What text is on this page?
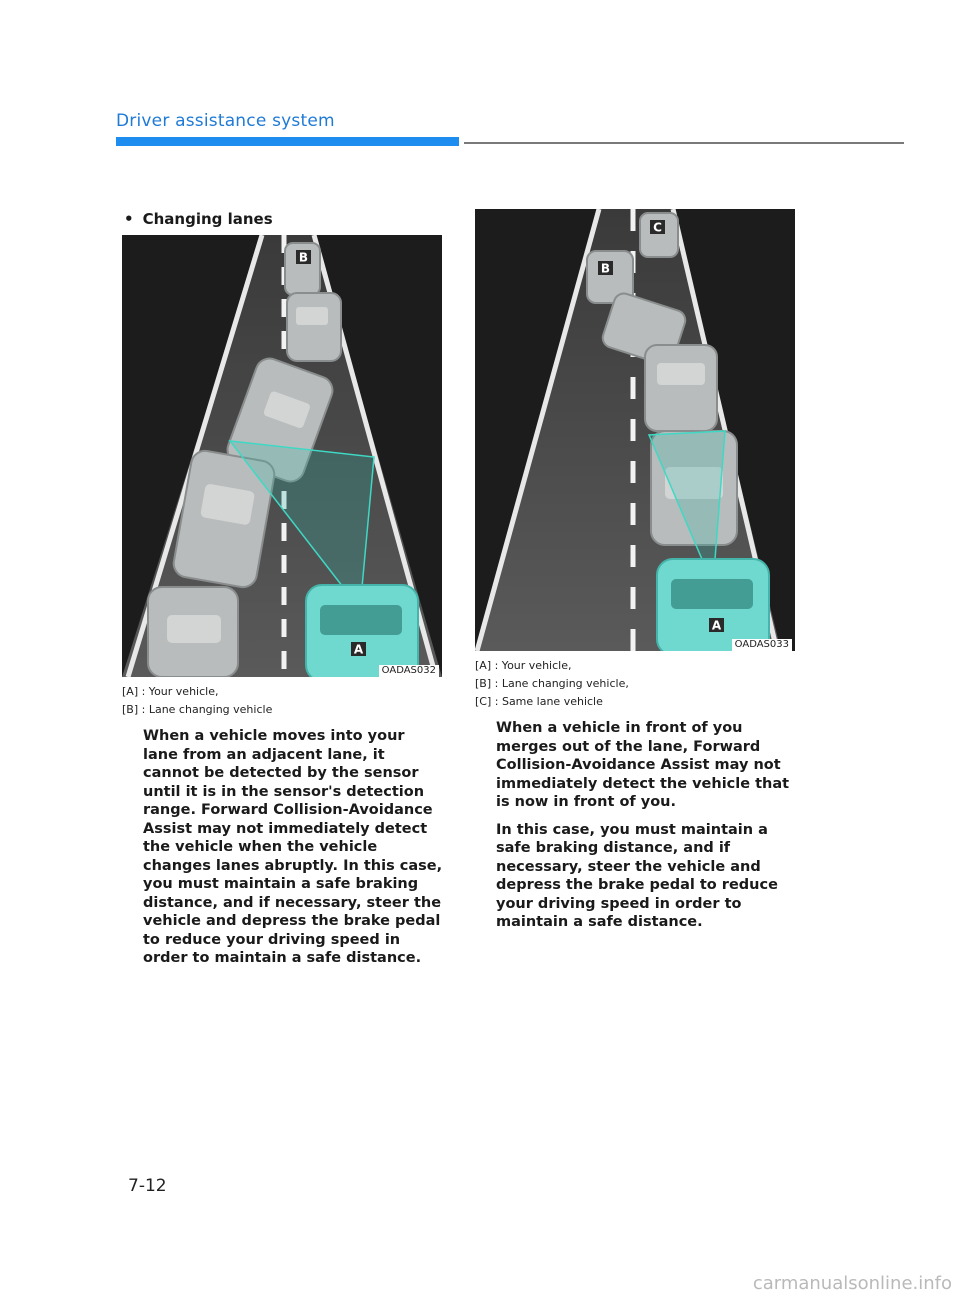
Driver assistance system
• Changing lanes
B
A
OADAS032
[A] : Your vehicle,
[B] : Lane changing vehicle

When a vehicle moves into your lane from an adjacent lane, it cannot be detected by the sensor until it is in the sensor's detection range. Forward Collision-Avoidance Assist may not immediately detect the vehicle when the vehicle changes lanes abruptly. In this case, you must maintain a safe braking distance, and if necessary, steer the vehicle and depress the brake pedal to reduce your driving speed in order to maintain a safe distance.

C
B
A
OADAS033
[A] : Your vehicle,
[B] : Lane changing vehicle,
[C] : Same lane vehicle

When a vehicle in front of you merges out of the lane, Forward Collision-Avoidance Assist may not immediately detect the vehicle that is now in front of you.

In this case, you must maintain a safe braking distance, and if necessary, steer the vehicle and depress the brake pedal to reduce your driving speed in order to maintain a safe distance.

7-12
carmanualsonline.info
